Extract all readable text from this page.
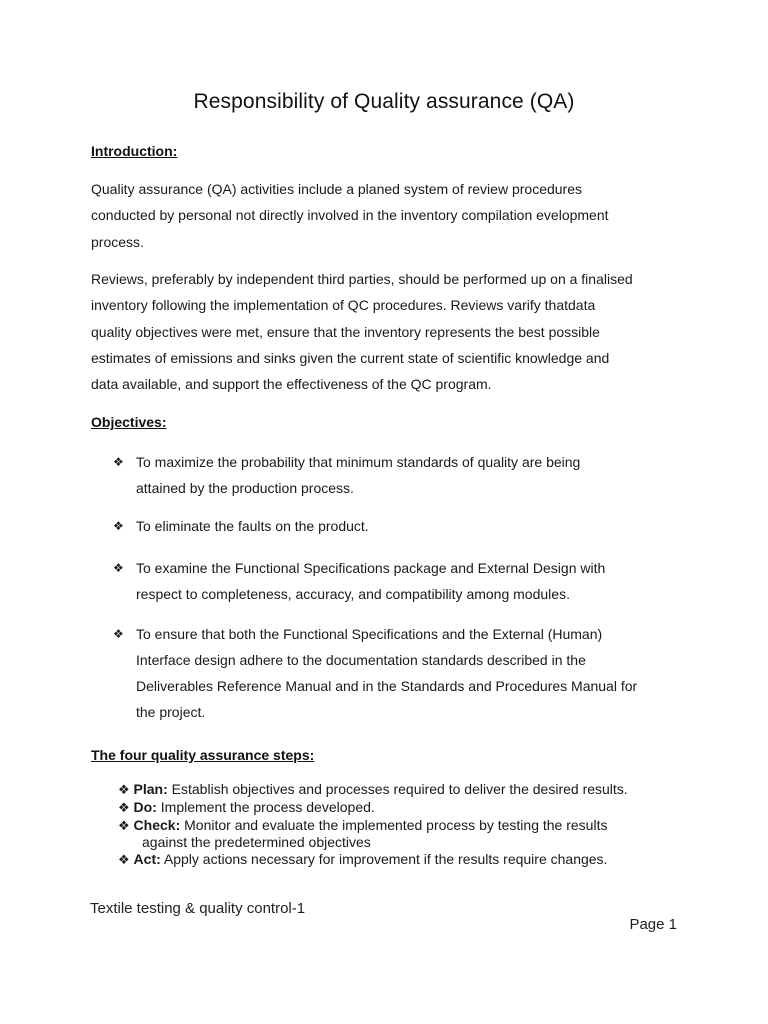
Responsibility of Quality assurance (QA)
Introduction:
Quality assurance (QA) activities include a planed system of review procedures
conducted by personal not directly involved in the inventory compilation evelopment
process.
Reviews, preferably by independent third parties, should be performed up on a finalised
inventory following the implementation of QC procedures. Reviews varify thatdata
quality objectives were met, ensure that the inventory represents the best possible
estimates of emissions and sinks given the current state of scientific knowledge and
data available, and support the effectiveness of the QC program.
Objectives:
❖ To maximize the probability that minimum standards of quality are being
attained by the production process.
❖ To eliminate the faults on the product.
❖ To examine the Functional Specifications package and External Design with
respect to completeness, accuracy, and compatibility among modules.
❖ To ensure that both the Functional Specifications and the External (Human)
Interface design adhere to the documentation standards described in the
Deliverables Reference Manual and in the Standards and Procedures Manual for
the project.
The four quality assurance steps:
❖ Plan: Establish objectives and processes required to deliver the desired results.
❖ Do: Implement the process developed.
❖ Check: Monitor and evaluate the implemented process by testing the results
against the predetermined objectives
❖ Act: Apply actions necessary for improvement if the results require changes.
Textile testing & quality control-1
Page 1
